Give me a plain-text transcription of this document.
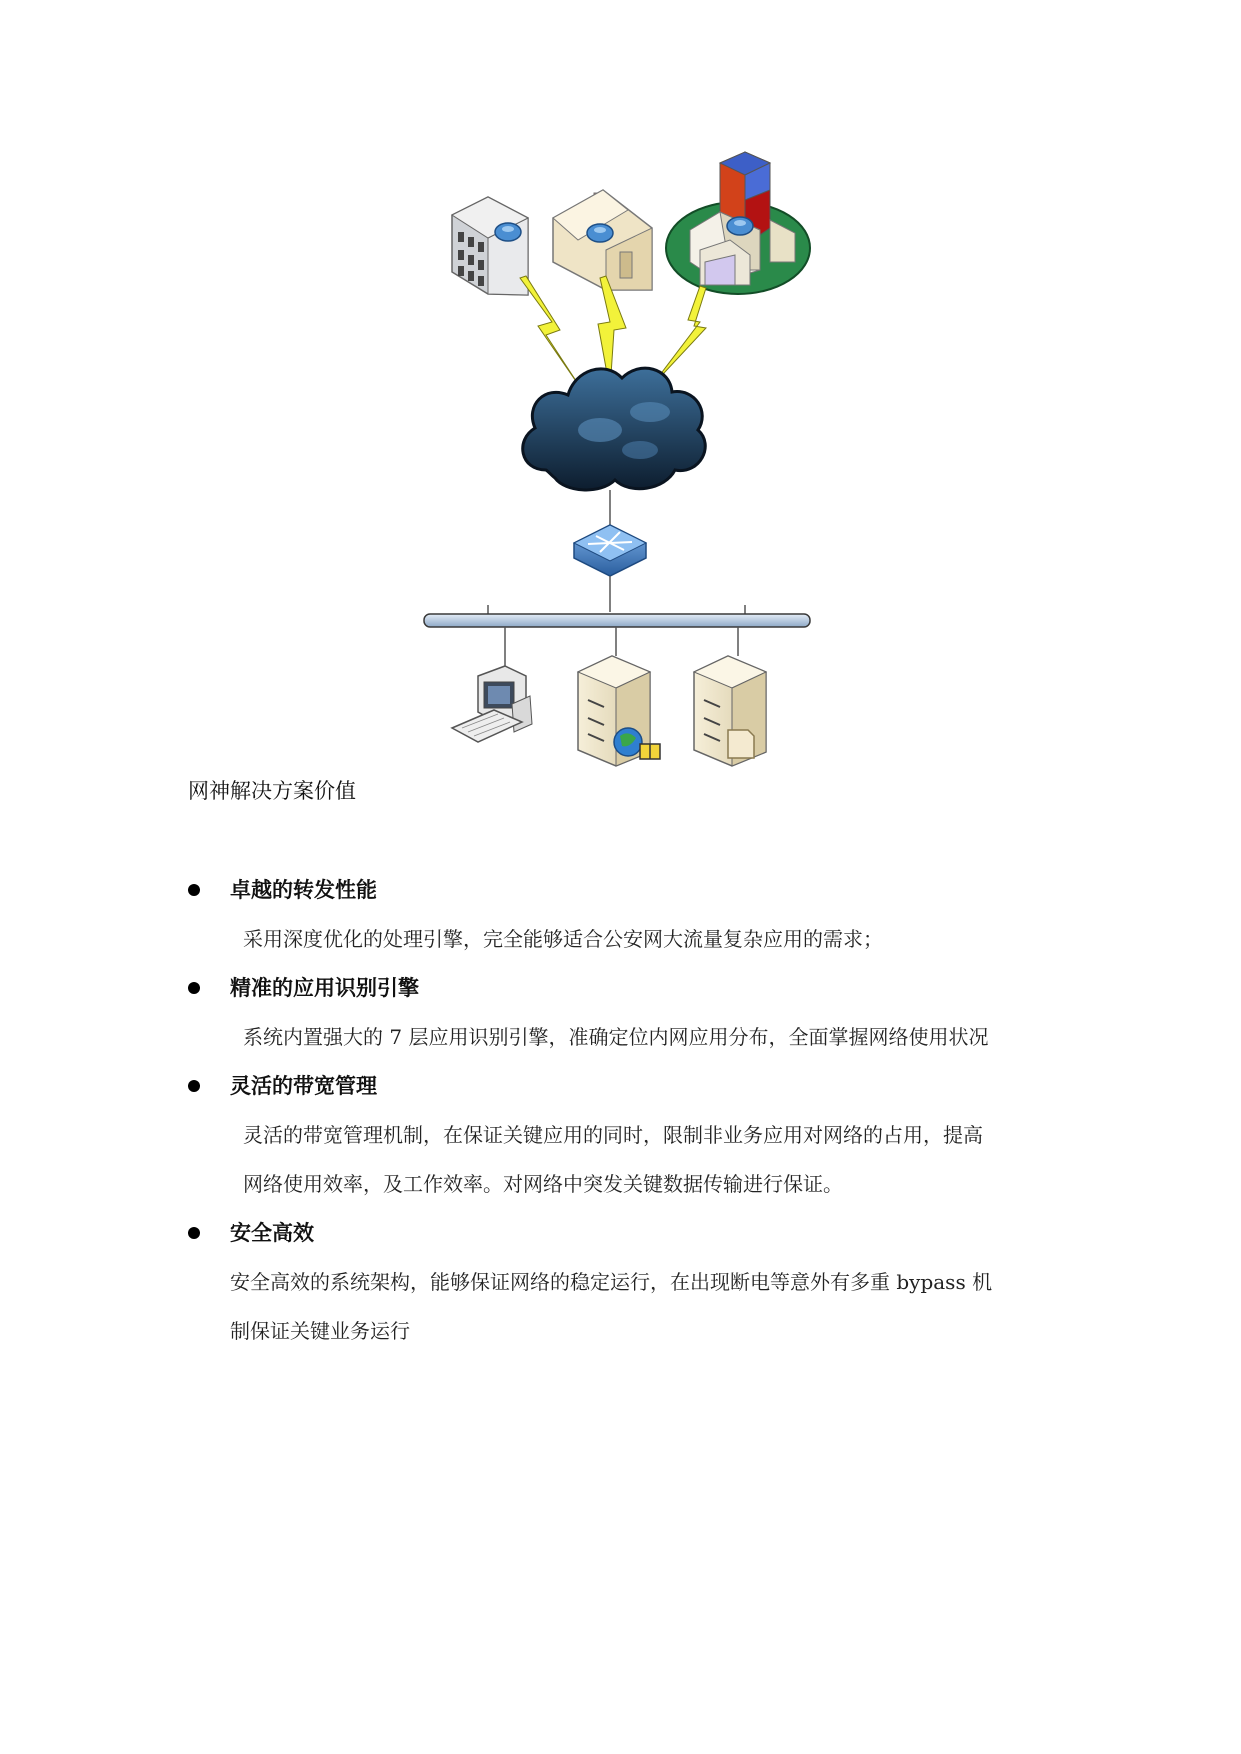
网神解决方案价值
卓越的转发性能
采用深度优化的处理引擎，完全能够适合公安网大流量复杂应用的需求；
精准的应用识别引擎
系统内置强大的 7 层应用识别引擎，准确定位内网应用分布，全面掌握网络使用状况
灵活的带宽管理
灵活的带宽管理机制，在保证关键应用的同时，限制非业务应用对网络的占用，提高
网络使用效率，及工作效率。对网络中突发关键数据传输进行保证。
安全高效
安全高效的系统架构，能够保证网络的稳定运行，在出现断电等意外有多重 bypass 机
制保证关键业务运行
